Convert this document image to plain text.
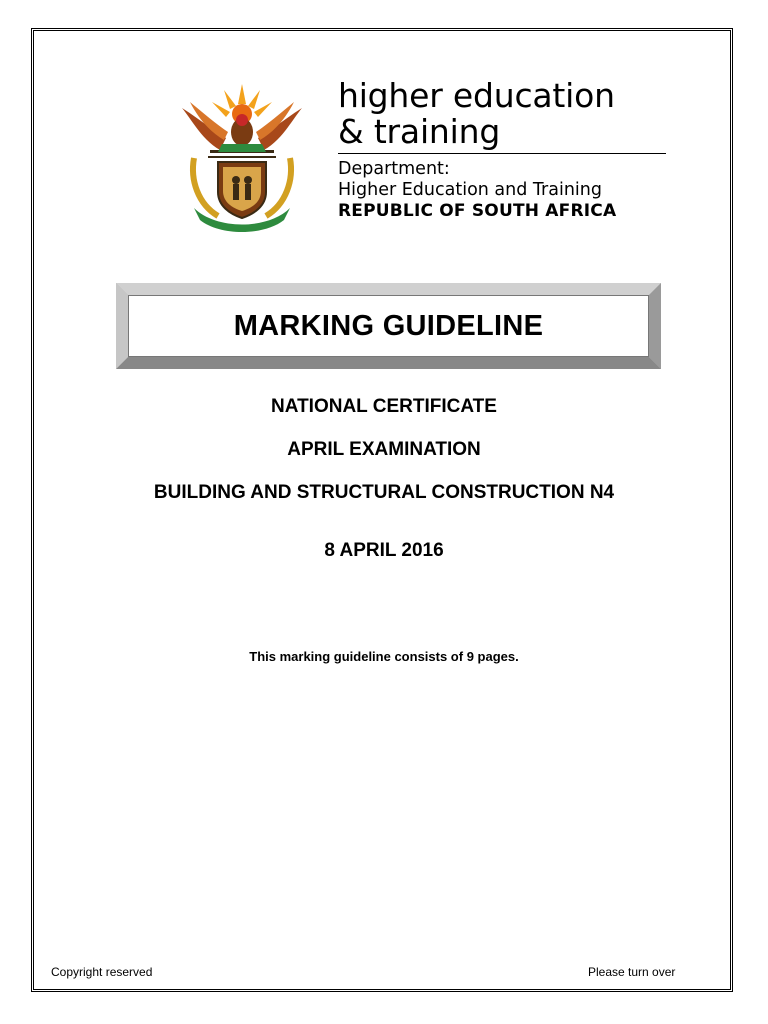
higher education
& training
Department:
Higher Education and Training
REPUBLIC OF SOUTH AFRICA
MARKING GUIDELINE
NATIONAL CERTIFICATE
APRIL EXAMINATION
BUILDING AND STRUCTURAL CONSTRUCTION N4
8 APRIL 2016
This marking guideline consists of 9 pages.
Copyright reserved	Please turn over
